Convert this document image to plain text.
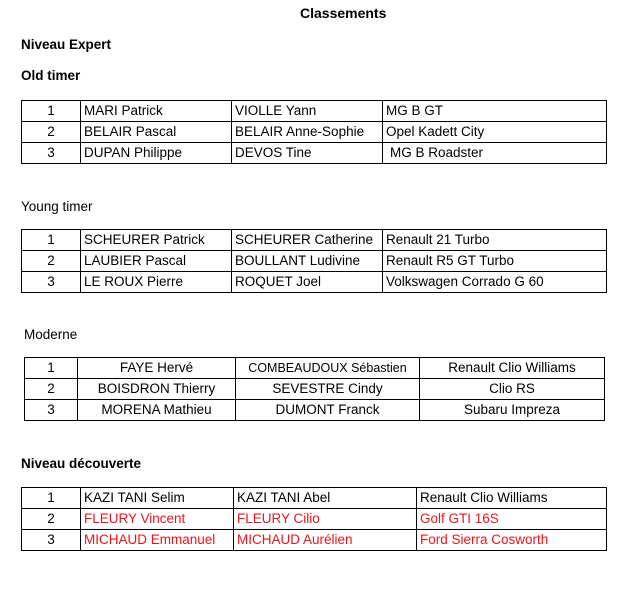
Classements
Niveau Expert
Old timer
1	MARI Patrick	VIOLLE Yann	MG B GT
2	BELAIR Pascal	BELAIR Anne-Sophie	Opel Kadett City
3	DUPAN Philippe	DEVOS Tine	MG B Roadster
Young timer
1	SCHEURER Patrick	SCHEURER Catherine	Renault 21 Turbo
2	LAUBIER Pascal	BOULLANT Ludivine	Renault R5 GT Turbo
3	LE ROUX Pierre	ROQUET Joel	Volkswagen Corrado G 60
Moderne
1	FAYE Hervé	COMBEAUDOUX Sébastien	Renault Clio Williams
2	BOISDRON Thierry	SEVESTRE Cindy	Clio RS
3	MORENA Mathieu	DUMONT Franck	Subaru Impreza
Niveau découverte
1	KAZI TANI Selim	KAZI TANI Abel	Renault Clio Williams
2	FLEURY Vincent	FLEURY Cilio	Golf GTI 16S
3	MICHAUD Emmanuel	MICHAUD Aurélien	Ford Sierra Cosworth
